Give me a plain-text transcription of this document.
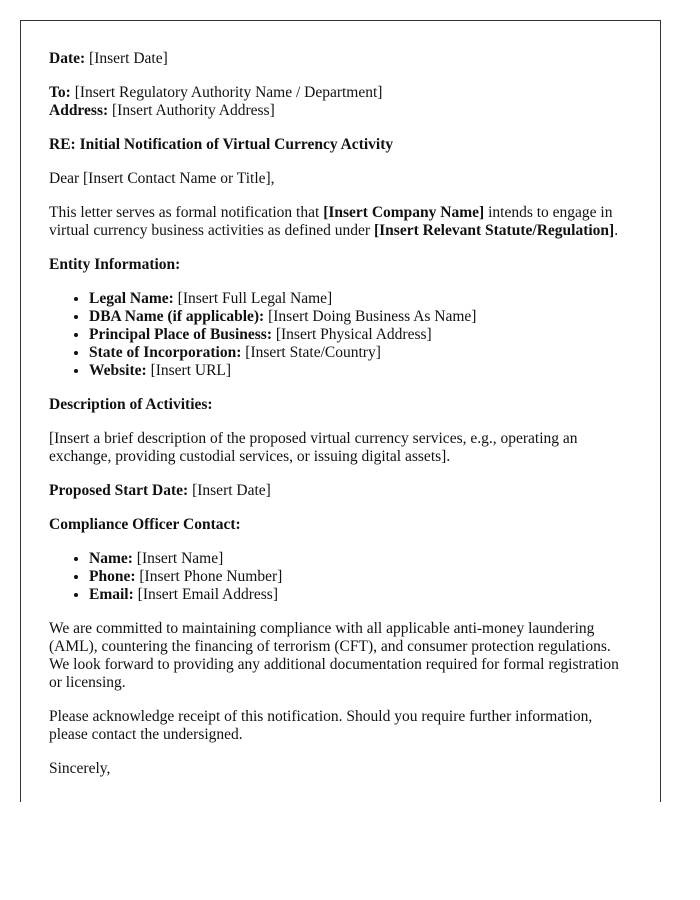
Date: [Insert Date]

To: [Insert Regulatory Authority Name / Department]
Address: [Insert Authority Address]

RE: Initial Notification of Virtual Currency Activity

Dear [Insert Contact Name or Title],

This letter serves as formal notification that [Insert Company Name] intends to engage in virtual currency business activities as defined under [Insert Relevant Statute/Regulation].

Entity Information:

• Legal Name: [Insert Full Legal Name]
• DBA Name (if applicable): [Insert Doing Business As Name]
• Principal Place of Business: [Insert Physical Address]
• State of Incorporation: [Insert State/Country]
• Website: [Insert URL]

Description of Activities:

[Insert a brief description of the proposed virtual currency services, e.g., operating an exchange, providing custodial services, or issuing digital assets].

Proposed Start Date: [Insert Date]

Compliance Officer Contact:

• Name: [Insert Name]
• Phone: [Insert Phone Number]
• Email: [Insert Email Address]

We are committed to maintaining compliance with all applicable anti-money laundering (AML), countering the financing of terrorism (CFT), and consumer protection regulations. We look forward to providing any additional documentation required for formal registration or licensing.

Please acknowledge receipt of this notification. Should you require further information, please contact the undersigned.

Sincerely,
